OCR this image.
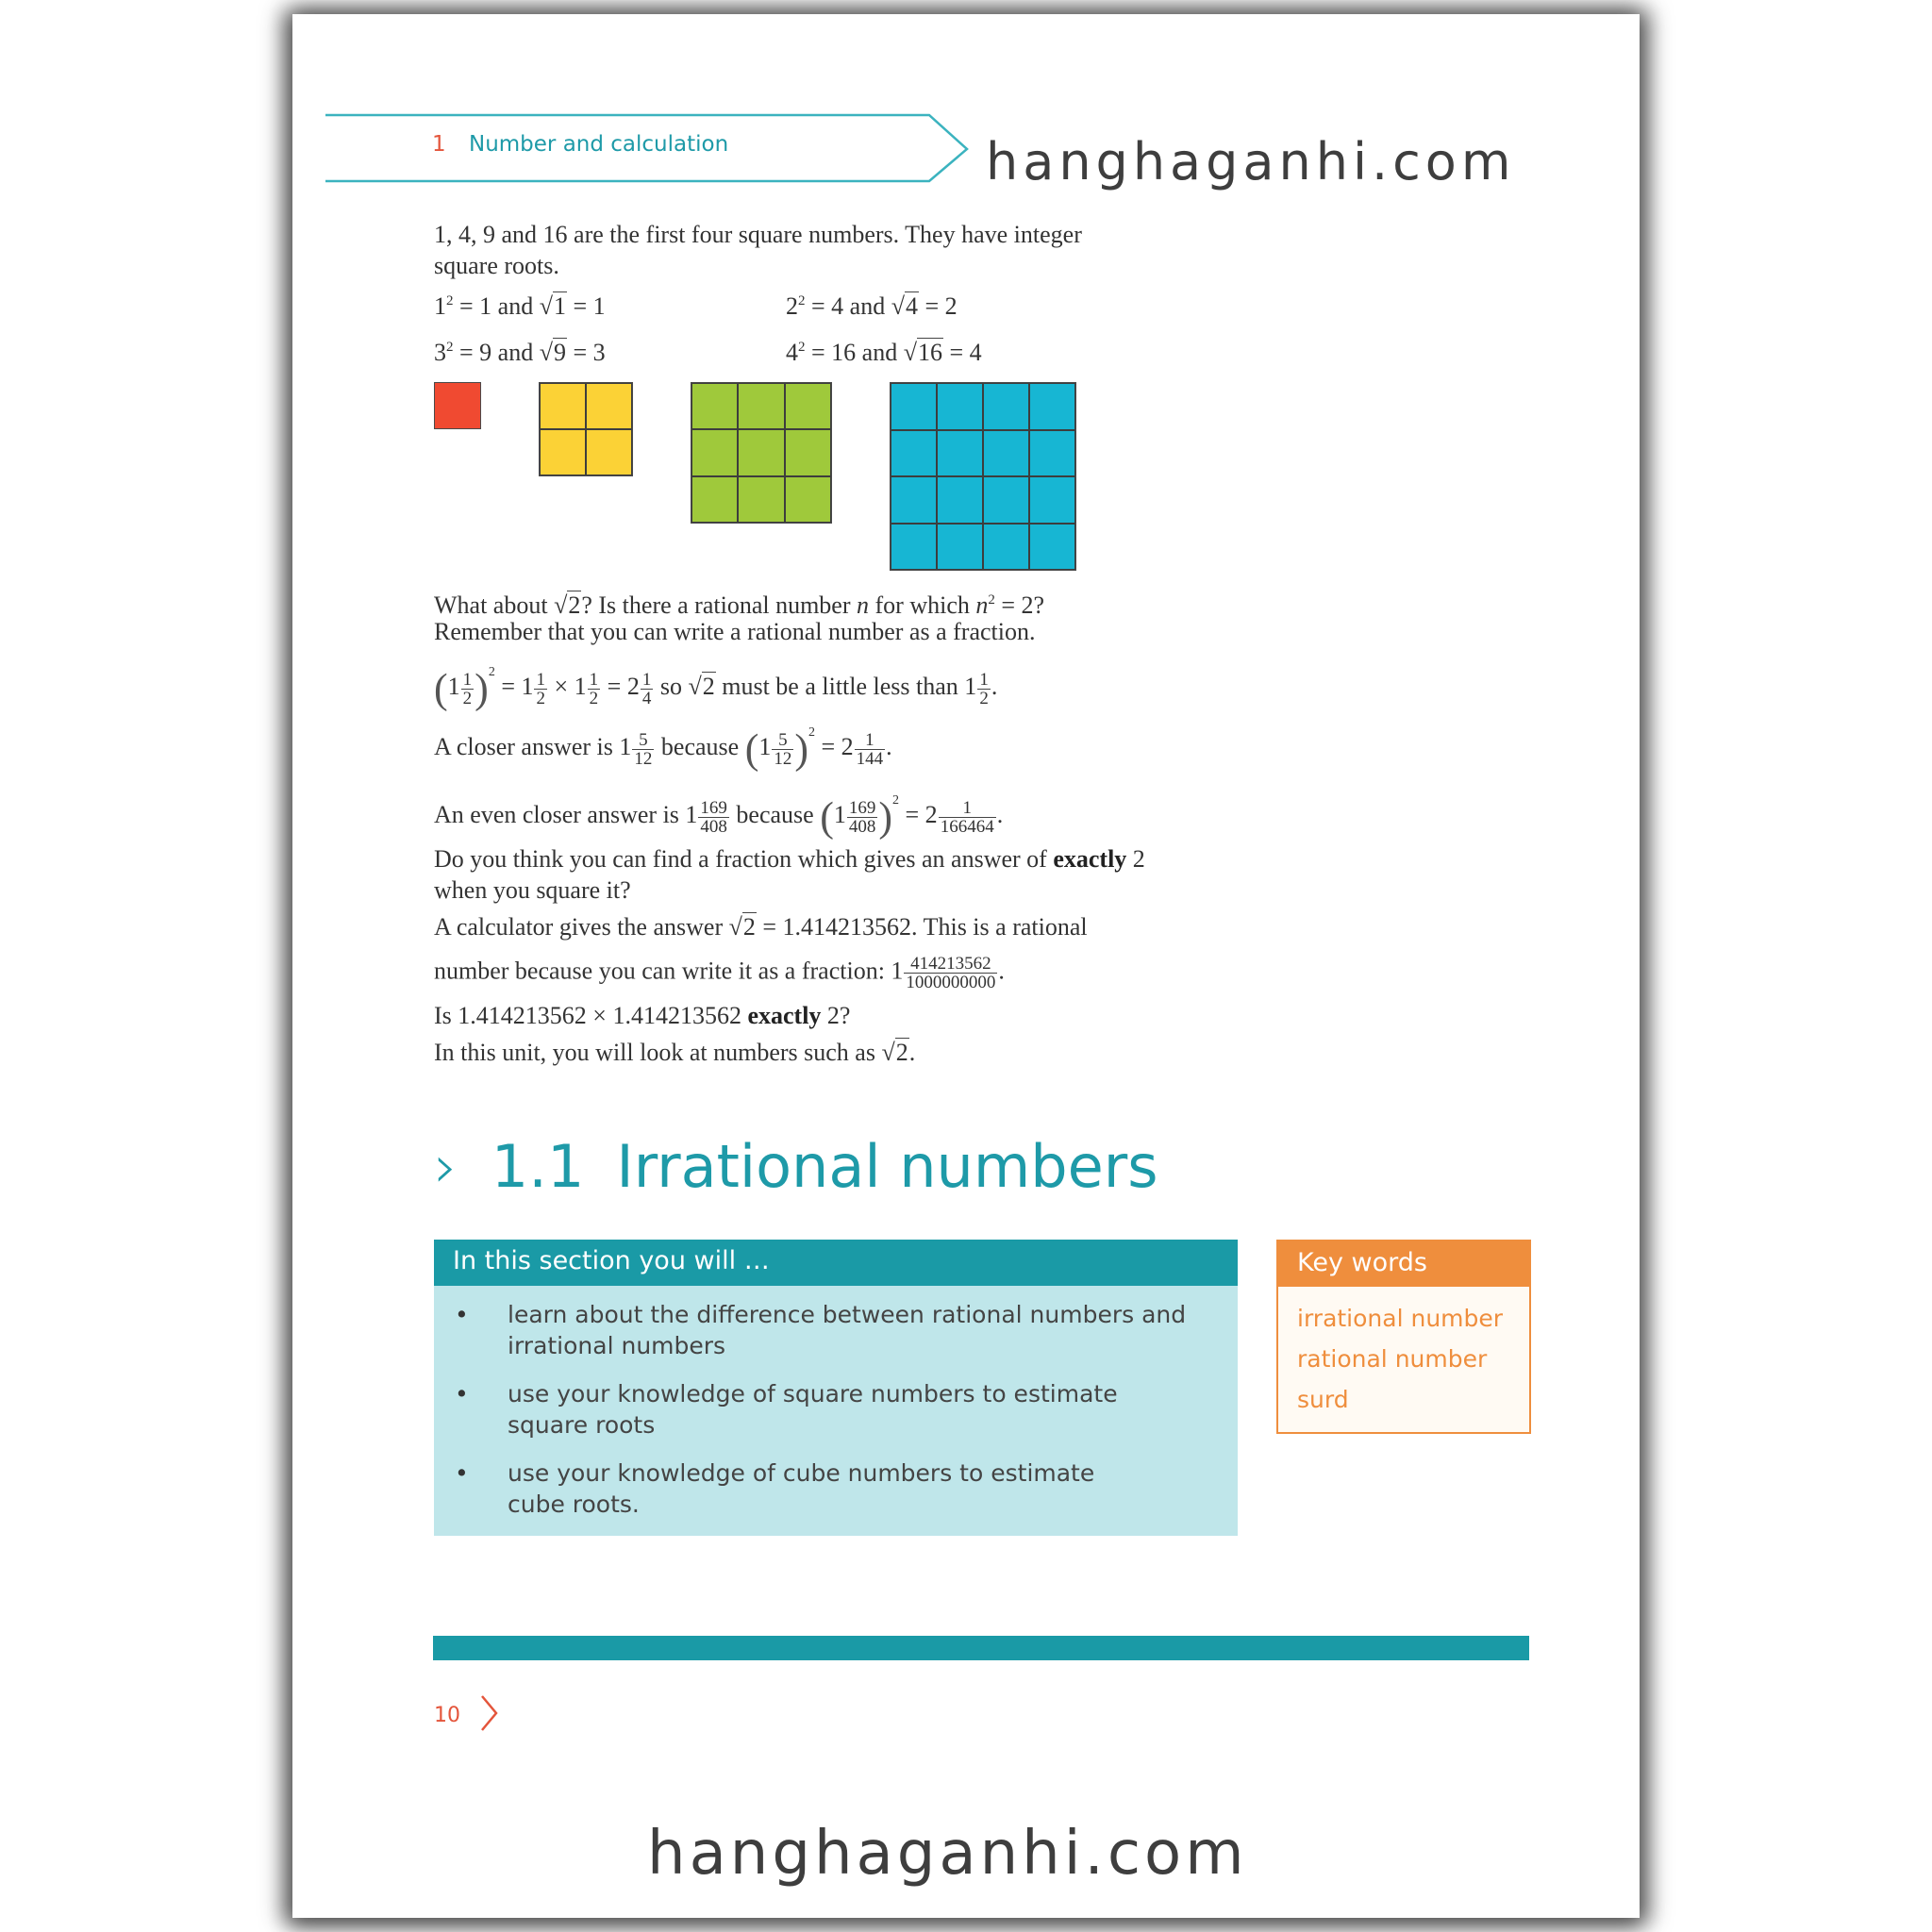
1 Number and calculation	hanghaganhi.com
1, 4, 9 and 16 are the first four square numbers. They have integer
square roots.
$1^2 = 1$ and √1 = 1	$2^2 = 4$ and √4 = 2
$3^2 = 9$ and √9 = 3	$4^2 = 16$ and √16 = 4
What about √2? Is there a rational number n for which $n^2 = 2$?
Remember that you can write a rational number as a fraction.
$(1 \frac{1}{2} )^2 = 1 \frac{1}{2} \times 1 \frac{1}{2} = 2 \frac{1}{4}$ so √2 must be a little less than $1 \frac{1}{2}$ .
A closer answer is $1 \frac{5}{12}$ because $(1 \frac{5}{12} )^2 = 2 \frac{1}{144}$ .
An even closer answer is $1 \frac{169}{408}$ because $(1 \frac{169}{408} )^2 = 2 \frac{1}{166464}$ .
Do you think you can find a fraction which gives an answer of exactly 2
when you square it?
A calculator gives the answer √2 = 1.414213562. This is a rational
number because you can write it as a fraction: $1 \frac{414213562}{1000000000}$ .
Is 1.414213562 × 1.414213562 exactly 2?
In this unit, you will look at numbers such as √2.
› 1.1 Irrational numbers
In this section you will …
• learn about the difference between rational numbers and
irrational numbers
• use your knowledge of square numbers to estimate
square roots
• use your knowledge of cube numbers to estimate
cube roots.
Key words
irrational number
rational number
surd
10
hanghaganhi.com
